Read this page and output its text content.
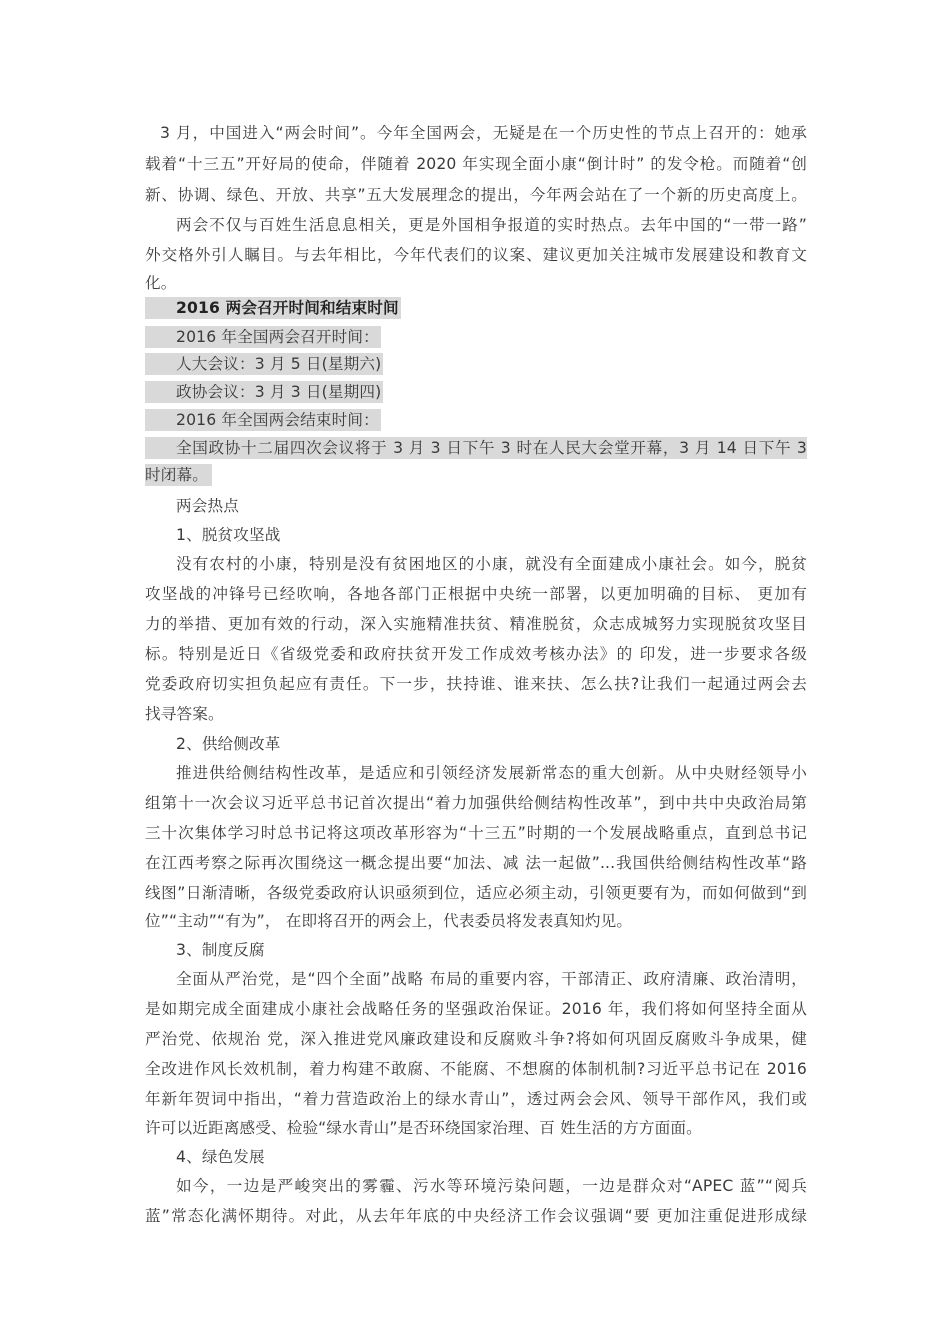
3 月，中国进入“两会时间”。今年全国两会，无疑是在一个历史性的节点上召开的：她承
载着“十三五”开好局的使命，伴随着 2020 年实现全面小康“倒计时” 的发令枪。而随着“创
新、协调、绿色、开放、共享”五大发展理念的提出，今年两会站在了一个新的历史高度上。
两会不仅与百姓生活息息相关，更是外国相争报道的实时热点。去年中国的“一带一路”
外交格外引人瞩目。与去年相比，今年代表们的议案、建议更加关注城市发展建设和教育文
化。
2016 两会召开时间和结束时间
2016 年全国两会召开时间：
人大会议：3 月 5 日(星期六)
政协会议：3 月 3 日(星期四)
2016 年全国两会结束时间：
全国政协十二届四次会议将于 3 月 3 日下午 3 时在人民大会堂开幕，3 月 14 日下午 3
时闭幕。
两会热点
1、脱贫攻坚战
没有农村的小康，特别是没有贫困地区的小康，就没有全面建成小康社会。如今，脱贫
攻坚战的冲锋号已经吹响，各地各部门正根据中央统一部署，以更加明确的目标、 更加有
力的举措、更加有效的行动，深入实施精准扶贫、精准脱贫，众志成城努力实现脱贫攻坚目
标。特别是近日《省级党委和政府扶贫开发工作成效考核办法》的 印发，进一步要求各级
党委政府切实担负起应有责任。下一步，扶持谁、谁来扶、怎么扶?让我们一起通过两会去
找寻答案。
2、供给侧改革
推进供给侧结构性改革，是适应和引领经济发展新常态的重大创新。从中央财经领导小
组第十一次会议习近平总书记首次提出“着力加强供给侧结构性改革”，到中共中央政治局第
三十次集体学习时总书记将这项改革形容为“十三五”时期的一个发展战略重点，直到总书记
在江西考察之际再次围绕这一概念提出要“加法、减 法一起做”...我国供给侧结构性改革“路
线图”日渐清晰，各级党委政府认识亟须到位，适应必须主动，引领更要有为，而如何做到“到
位”“主动”“有为”， 在即将召开的两会上，代表委员将发表真知灼见。
3、制度反腐
全面从严治党，是“四个全面”战略 布局的重要内容，干部清正、政府清廉、政治清明，
是如期完成全面建成小康社会战略任务的坚强政治保证。2016 年，我们将如何坚持全面从
严治党、依规治 党，深入推进党风廉政建设和反腐败斗争?将如何巩固反腐败斗争成果，健
全改进作风长效机制，着力构建不敢腐、不能腐、不想腐的体制机制?习近平总书记在 2016
年新年贺词中指出，“着力营造政治上的绿水青山”，透过两会会风、领导干部作风，我们或
许可以近距离感受、检验“绿水青山”是否环绕国家治理、百 姓生活的方方面面。
4、绿色发展
如今，一边是严峻突出的雾霾、污水等环境污染问题，一边是群众对“APEC 蓝”“阅兵
蓝”常态化满怀期待。对此，从去年年底的中央经济工作会议强调“要 更加注重促进形成绿
